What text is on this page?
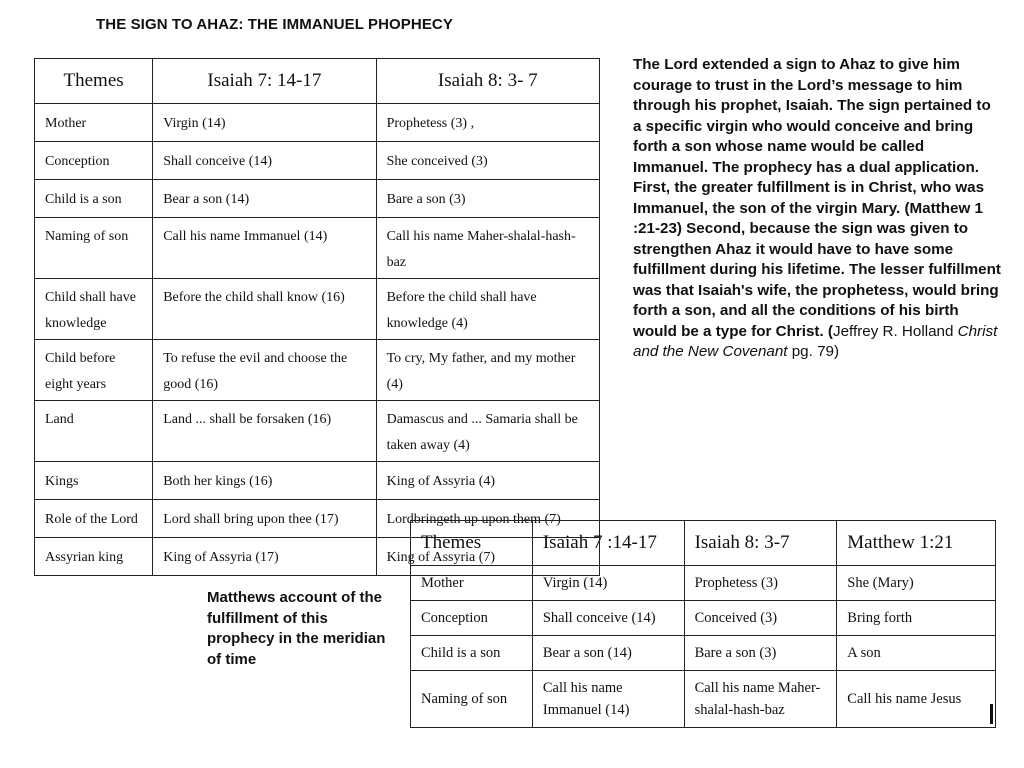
THE SIGN TO AHAZ: THE IMMANUEL PHOPHECY
Themes	Isaiah 7: 14-17	Isaiah 8: 3- 7
Mother	Virgin (14)	Prophetess (3) ,
Conception	Shall conceive (14)	She conceived (3)
Child is a son	Bear a son (14)	Bare a son (3)
Naming of son	Call his name Immanuel (14)	Call his name Maher-shalal-hash-baz
Child shall have knowledge	Before the child shall know (16)	Before the child shall have knowledge (4)
Child before eight years	To refuse the evil and choose the good (16)	To cry, My father, and my mother (4)
Land	Land ... shall be forsaken (16)	Damascus and ... Samaria shall be taken away (4)
Kings	Both her kings (16)	King of Assyria (4)
Role of the Lord	Lord shall bring upon thee (17)	Lordbringeth up upon them (7)
Assyrian king	King of Assyria (17)	King of Assyria (7)
The Lord extended a sign to Ahaz to give him courage to trust in the Lord’s message to him through his prophet, Isaiah. The sign pertained to a specific virgin who would conceive and bring forth a son whose name would be called Immanuel. The prophecy has a dual application. First, the greater fulfillment is in Christ, who was Immanuel, the son of the virgin Mary. (Matthew 1 :21-23) Second, because the sign was given to strengthen Ahaz it would have to have some fulfillment during his lifetime. The lesser fulfillment was that Isaiah's wife, the prophetess, would bring forth a son, and all the conditions of his birth would be a type for Christ. (Jeffrey R. Holland Christ and the New Covenant pg. 79)
Matthews account of the fulfillment of this prophecy in the meridian of time
Themes	Isaiah 7 :14-17	Isaiah 8: 3-7	Matthew 1:21
Mother	Virgin (14)	Prophetess (3)	She (Mary)
Conception	Shall conceive (14)	Conceived (3)	Bring forth
Child is a son	Bear a son (14)	Bare a son (3)	A son
Naming of son	Call his name Immanuel (14)	Call his name Maher-shalal-hash-baz	Call his name Jesus
